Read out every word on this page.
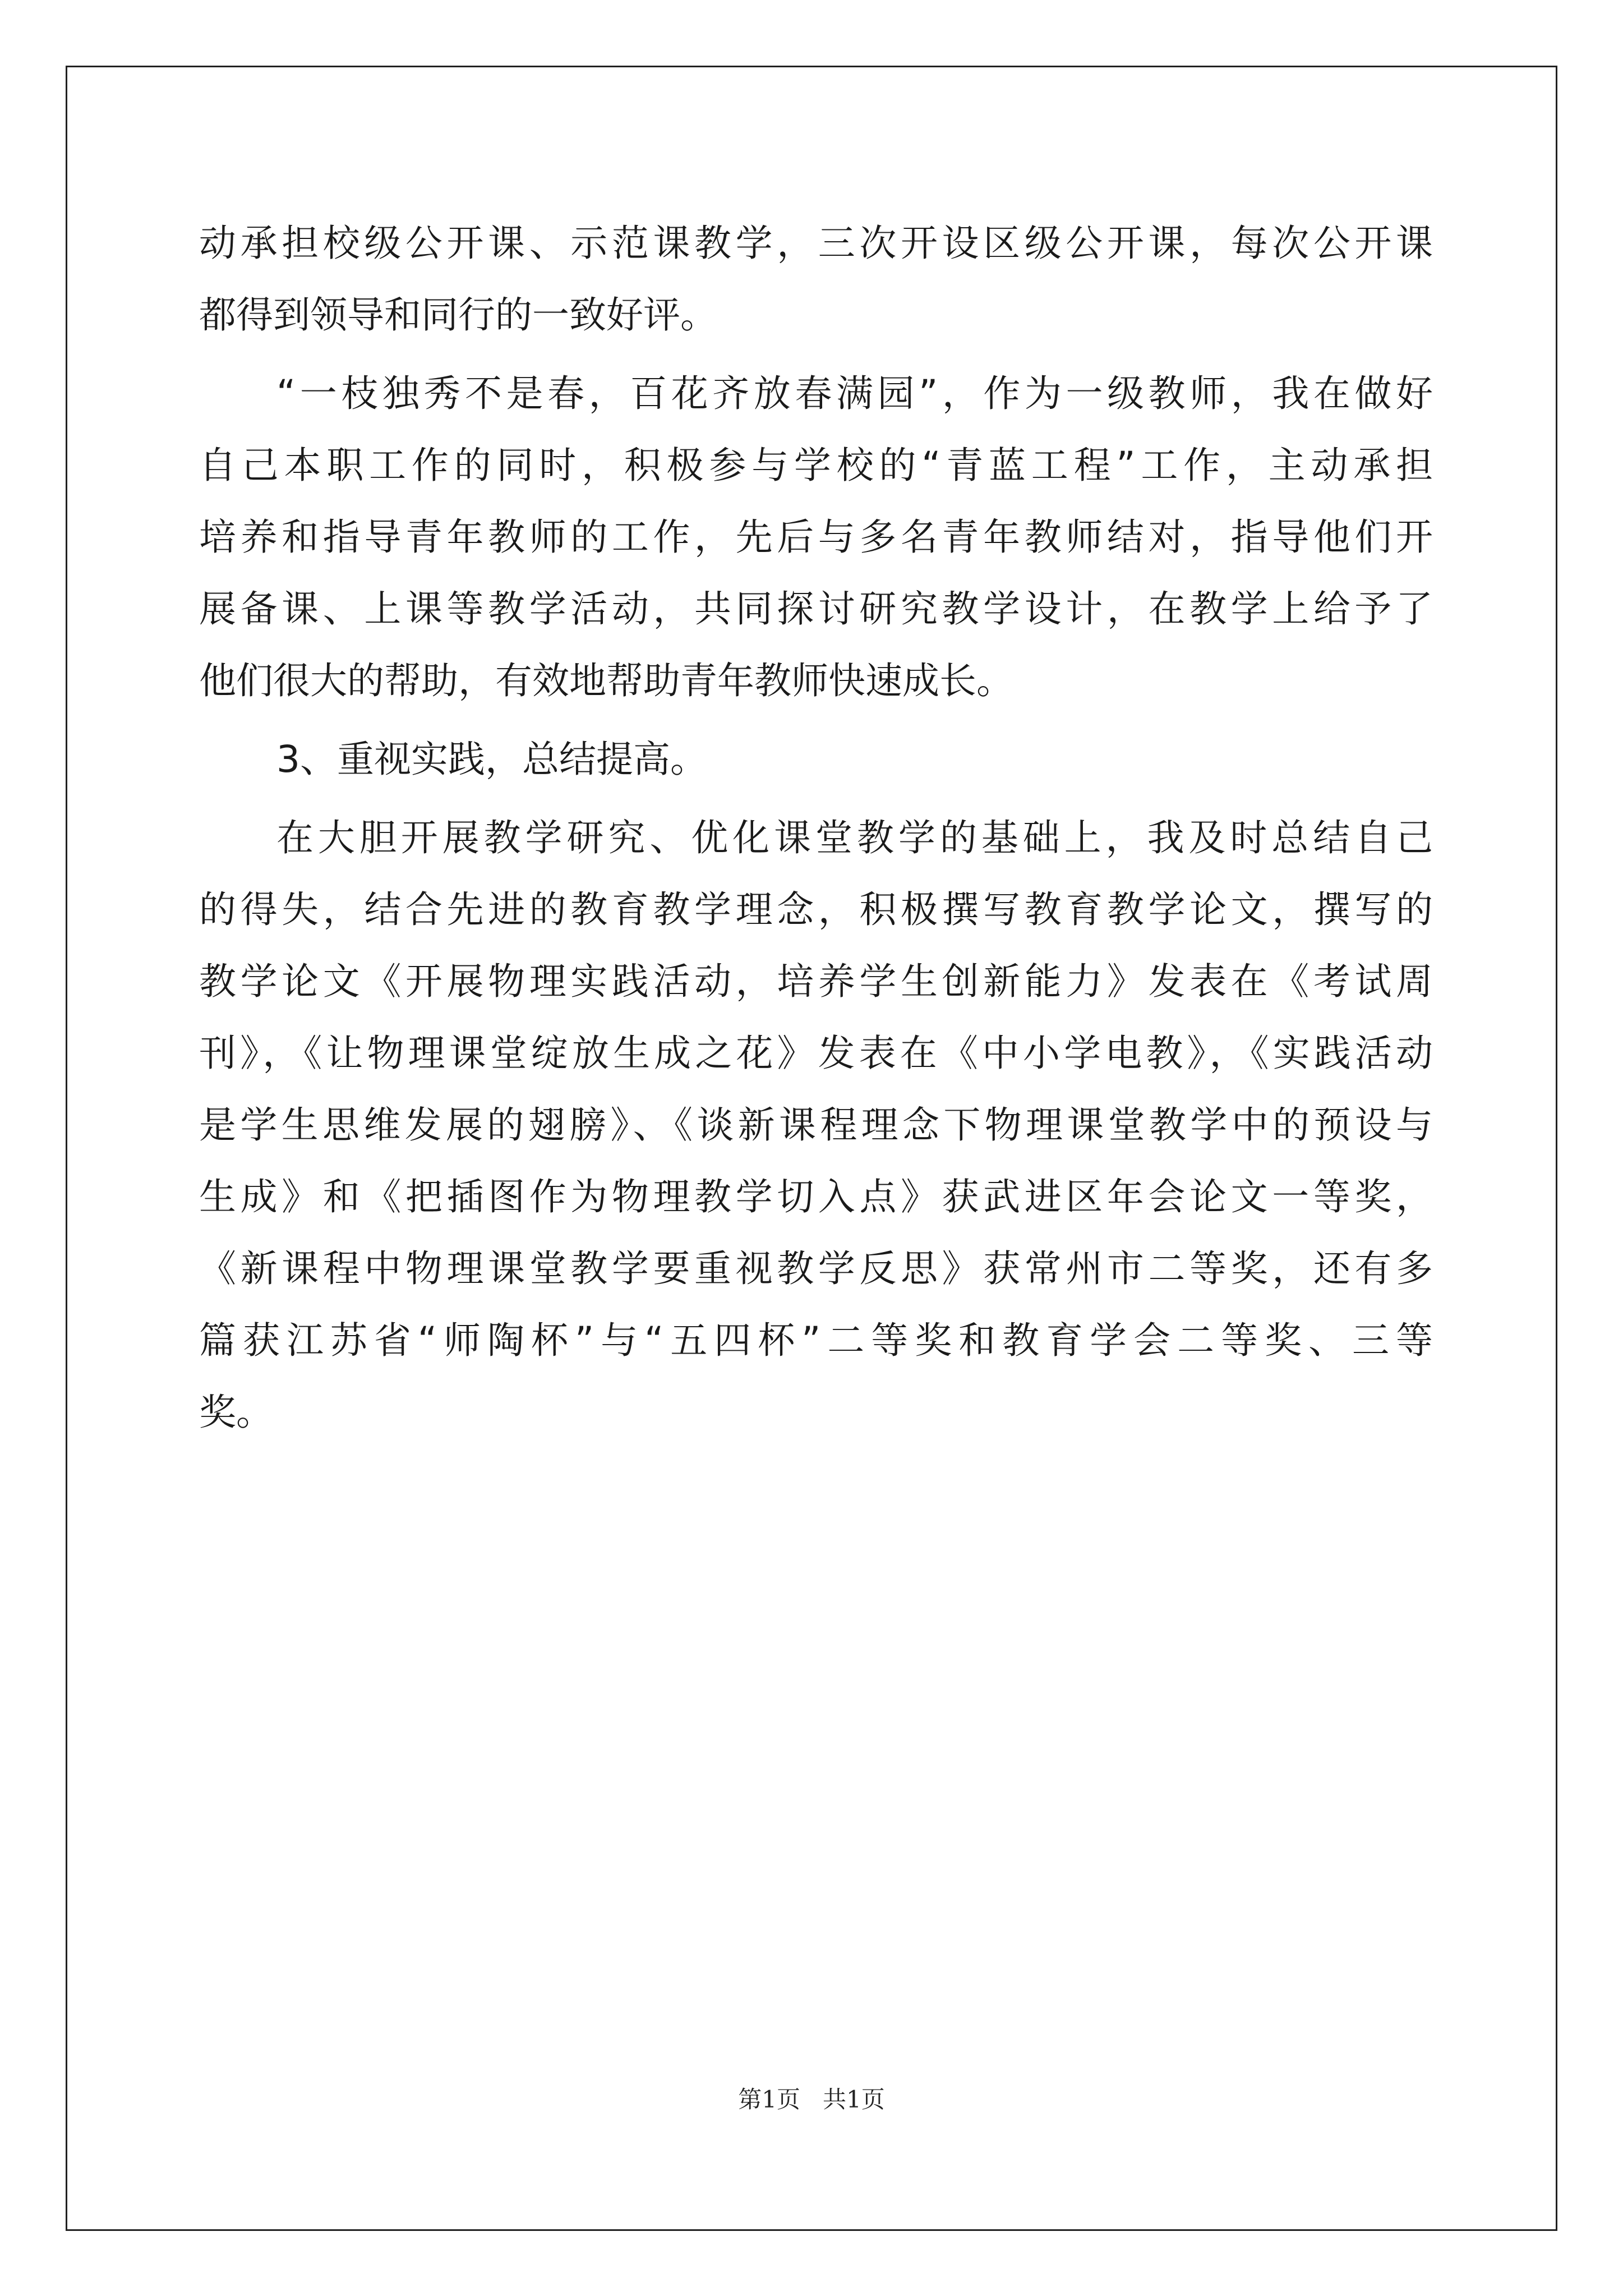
动承担校级公开课、示范课教学，三次开设区级公开课，每次公开课
都得到领导和同行的一致好评。
“一枝独秀不是春，百花齐放春满园”，作为一级教师，我在做好
自己本职工作的同时，积极参与学校的“青蓝工程”工作，主动承担
培养和指导青年教师的工作，先后与多名青年教师结对，指导他们开
展备课、上课等教学活动，共同探讨研究教学设计，在教学上给予了
他们很大的帮助，有效地帮助青年教师快速成长。
3、重视实践，总结提高。
在大胆开展教学研究、优化课堂教学的基础上，我及时总结自己
的得失，结合先进的教育教学理念，积极撰写教育教学论文，撰写的
教学论文《开展物理实践活动，培养学生创新能力》发表在《考试周
刊》，《让物理课堂绽放生成之花》发表在《中小学电教》，《实践活动
是学生思维发展的翅膀》、《谈新课程理念下物理课堂教学中的预设与
生成》和《把插图作为物理教学切入点》获武进区年会论文一等奖，
《新课程中物理课堂教学要重视教学反思》获常州市二等奖，还有多
篇获江苏省“师陶杯”与“五四杯”二等奖和教育学会二等奖、三等
奖。
第1页   共1页
